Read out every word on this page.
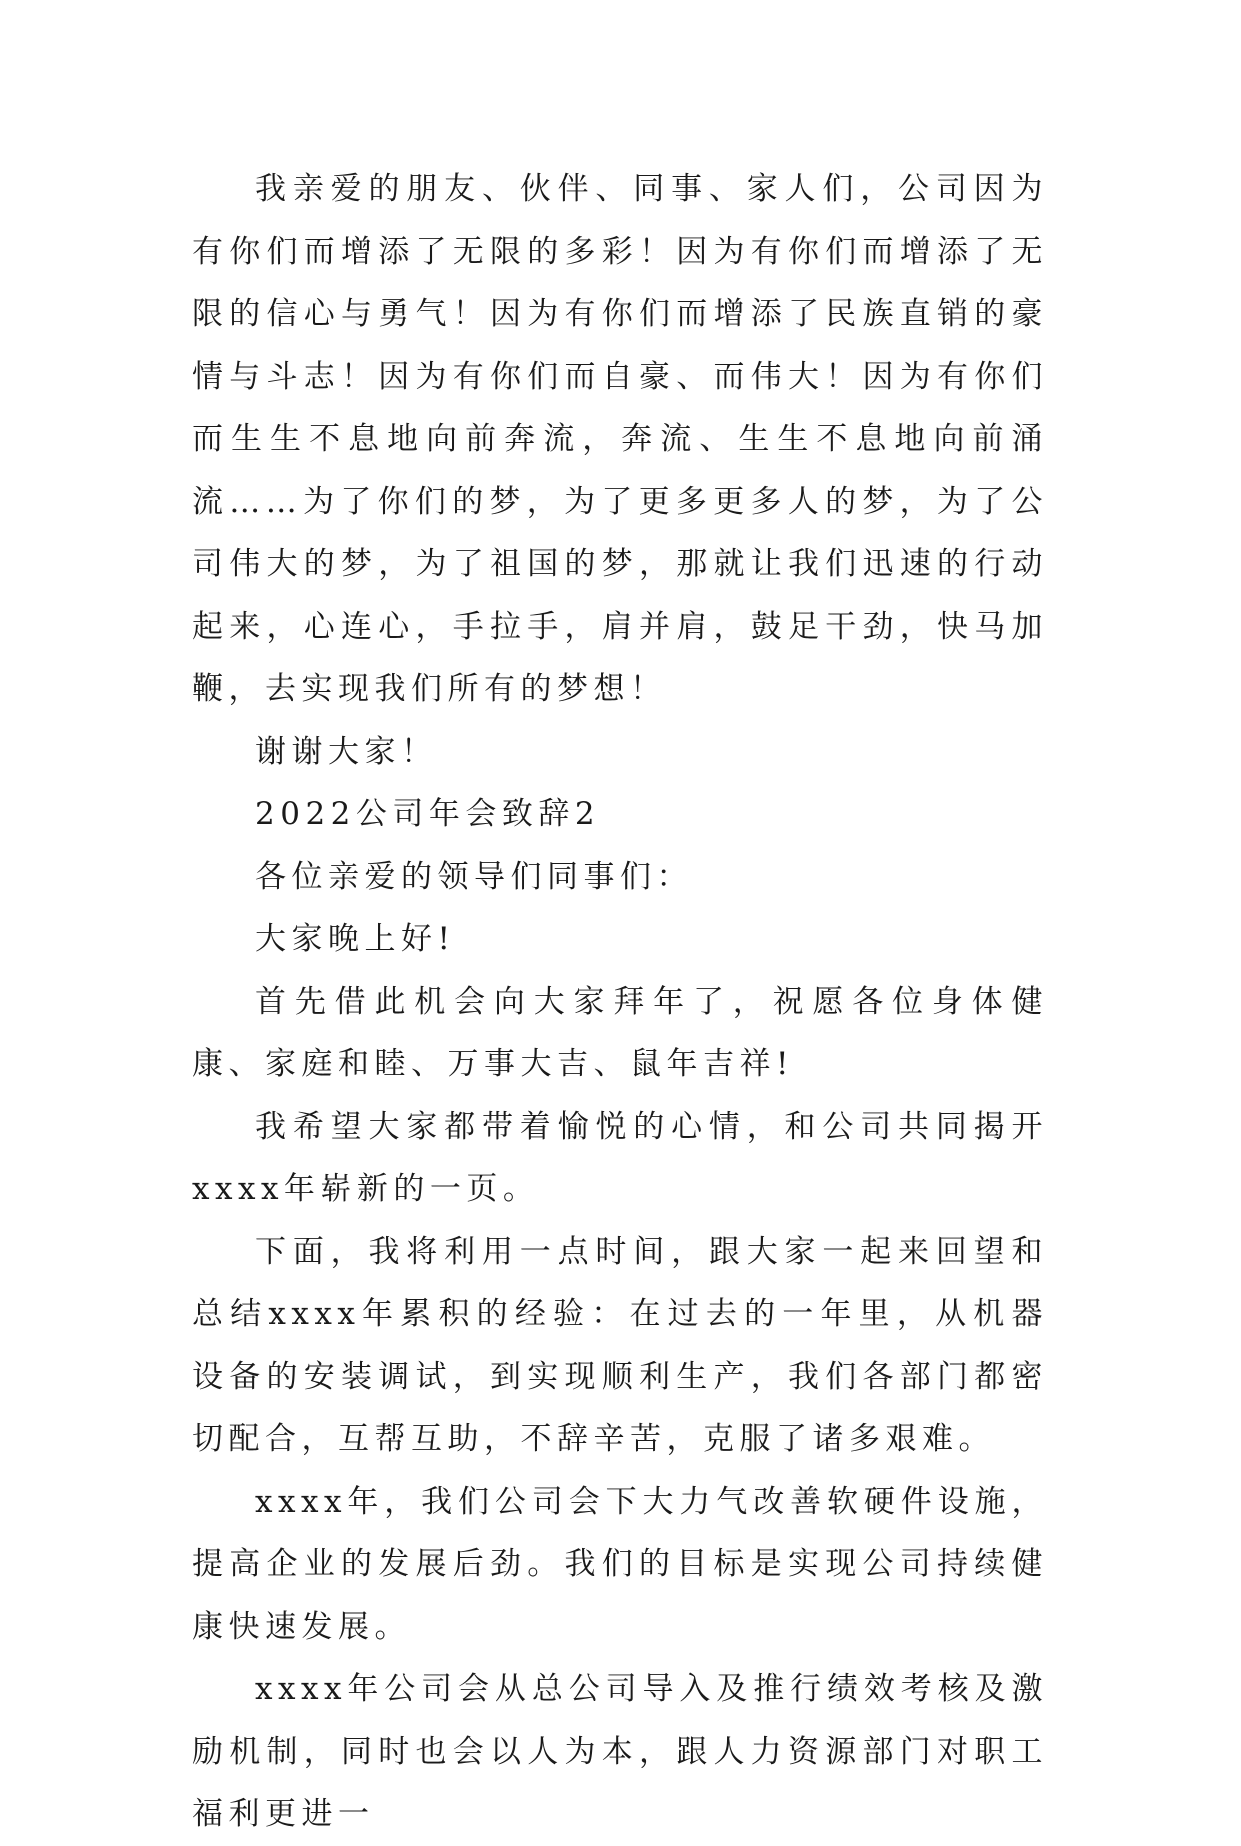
我亲爱的朋友、伙伴、同事、家人们，公司因为有你们而增添了无限的多彩！因为有你们而增添了无限的信心与勇气！因为有你们而增添了民族直销的豪情与斗志！因为有你们而自豪、而伟大！因为有你们而生生不息地向前奔流，奔流、生生不息地向前涌流……为了你们的梦，为了更多更多人的梦，为了公司伟大的梦，为了祖国的梦，那就让我们迅速的行动起来，心连心，手拉手，肩并肩，鼓足干劲，快马加鞭，去实现我们所有的梦想！

谢谢大家！

2022公司年会致辞2

各位亲爱的领导们同事们：

大家晚上好!

首先借此机会向大家拜年了，祝愿各位身体健康、家庭和睦、万事大吉、鼠年吉祥!

我希望大家都带着愉悦的心情，和公司共同揭开xxxx年崭新的一页。

下面，我将利用一点时间，跟大家一起来回望和总结xxxx年累积的经验：在过去的一年里，从机器设备的安装调试，到实现顺利生产，我们各部门都密切配合，互帮互助，不辞辛苦，克服了诸多艰难。

xxxx年，我们公司会下大力气改善软硬件设施，提高企业的发展后劲。我们的目标是实现公司持续健康快速发展。

xxxx年公司会从总公司导入及推行绩效考核及激励机制，同时也会以人为本，跟人力资源部门对职工福利更进一
